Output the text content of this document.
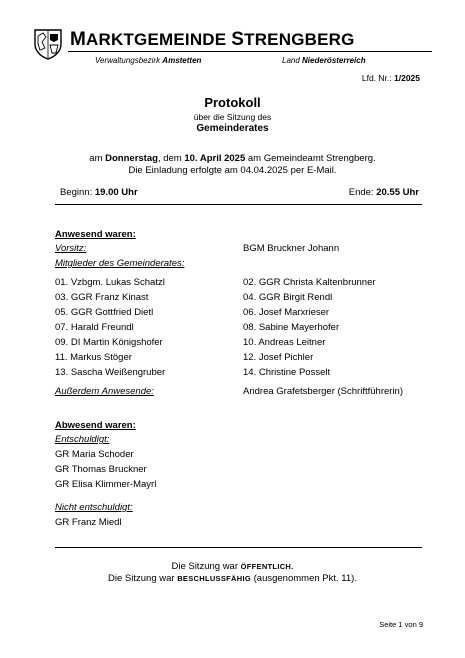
MARKTGEMEINDE STRENGBERG
Verwaltungsbezirk Amstetten	Land Niederösterreich
Lfd. Nr.: 1/2025
Protokoll
über die Sitzung des
Gemeinderates
am Donnerstag, dem 10. April 2025 am Gemeindeamt Strengberg.
Die Einladung erfolgte am 04.04.2025 per E-Mail.
Beginn: 19.00 Uhr	Ende: 20.55 Uhr
Anwesend waren:
Vorsitz:	BGM Bruckner Johann
Mitglieder des Gemeinderates:
01. Vzbgm. Lukas Schatzl	02. GGR Christa Kaltenbrunner
03. GGR Franz Kinast	04. GGR Birgit Rendl
05. GGR Gottfried Dietl	06. Josef Marxrieser
07. Harald Freundl	08. Sabine Mayerhofer
09. DI Martin Königshofer	10. Andreas Leitner
11. Markus Stöger	12. Josef Pichler
13. Sascha Weißengruber	14. Christine Posselt
Außerdem Anwesende:	Andrea Grafetsberger (Schriftführerin)
Abwesend waren:
Entschuldigt:
GR Maria Schoder
GR Thomas Bruckner
GR Elisa Klimmer-Mayrl
Nicht entschuldigt:
GR Franz Miedl
Die Sitzung war ÖFFENTLICH.
Die Sitzung war BESCHLUSSFÄHIG (ausgenommen Pkt. 11).
Seite 1 von 9
